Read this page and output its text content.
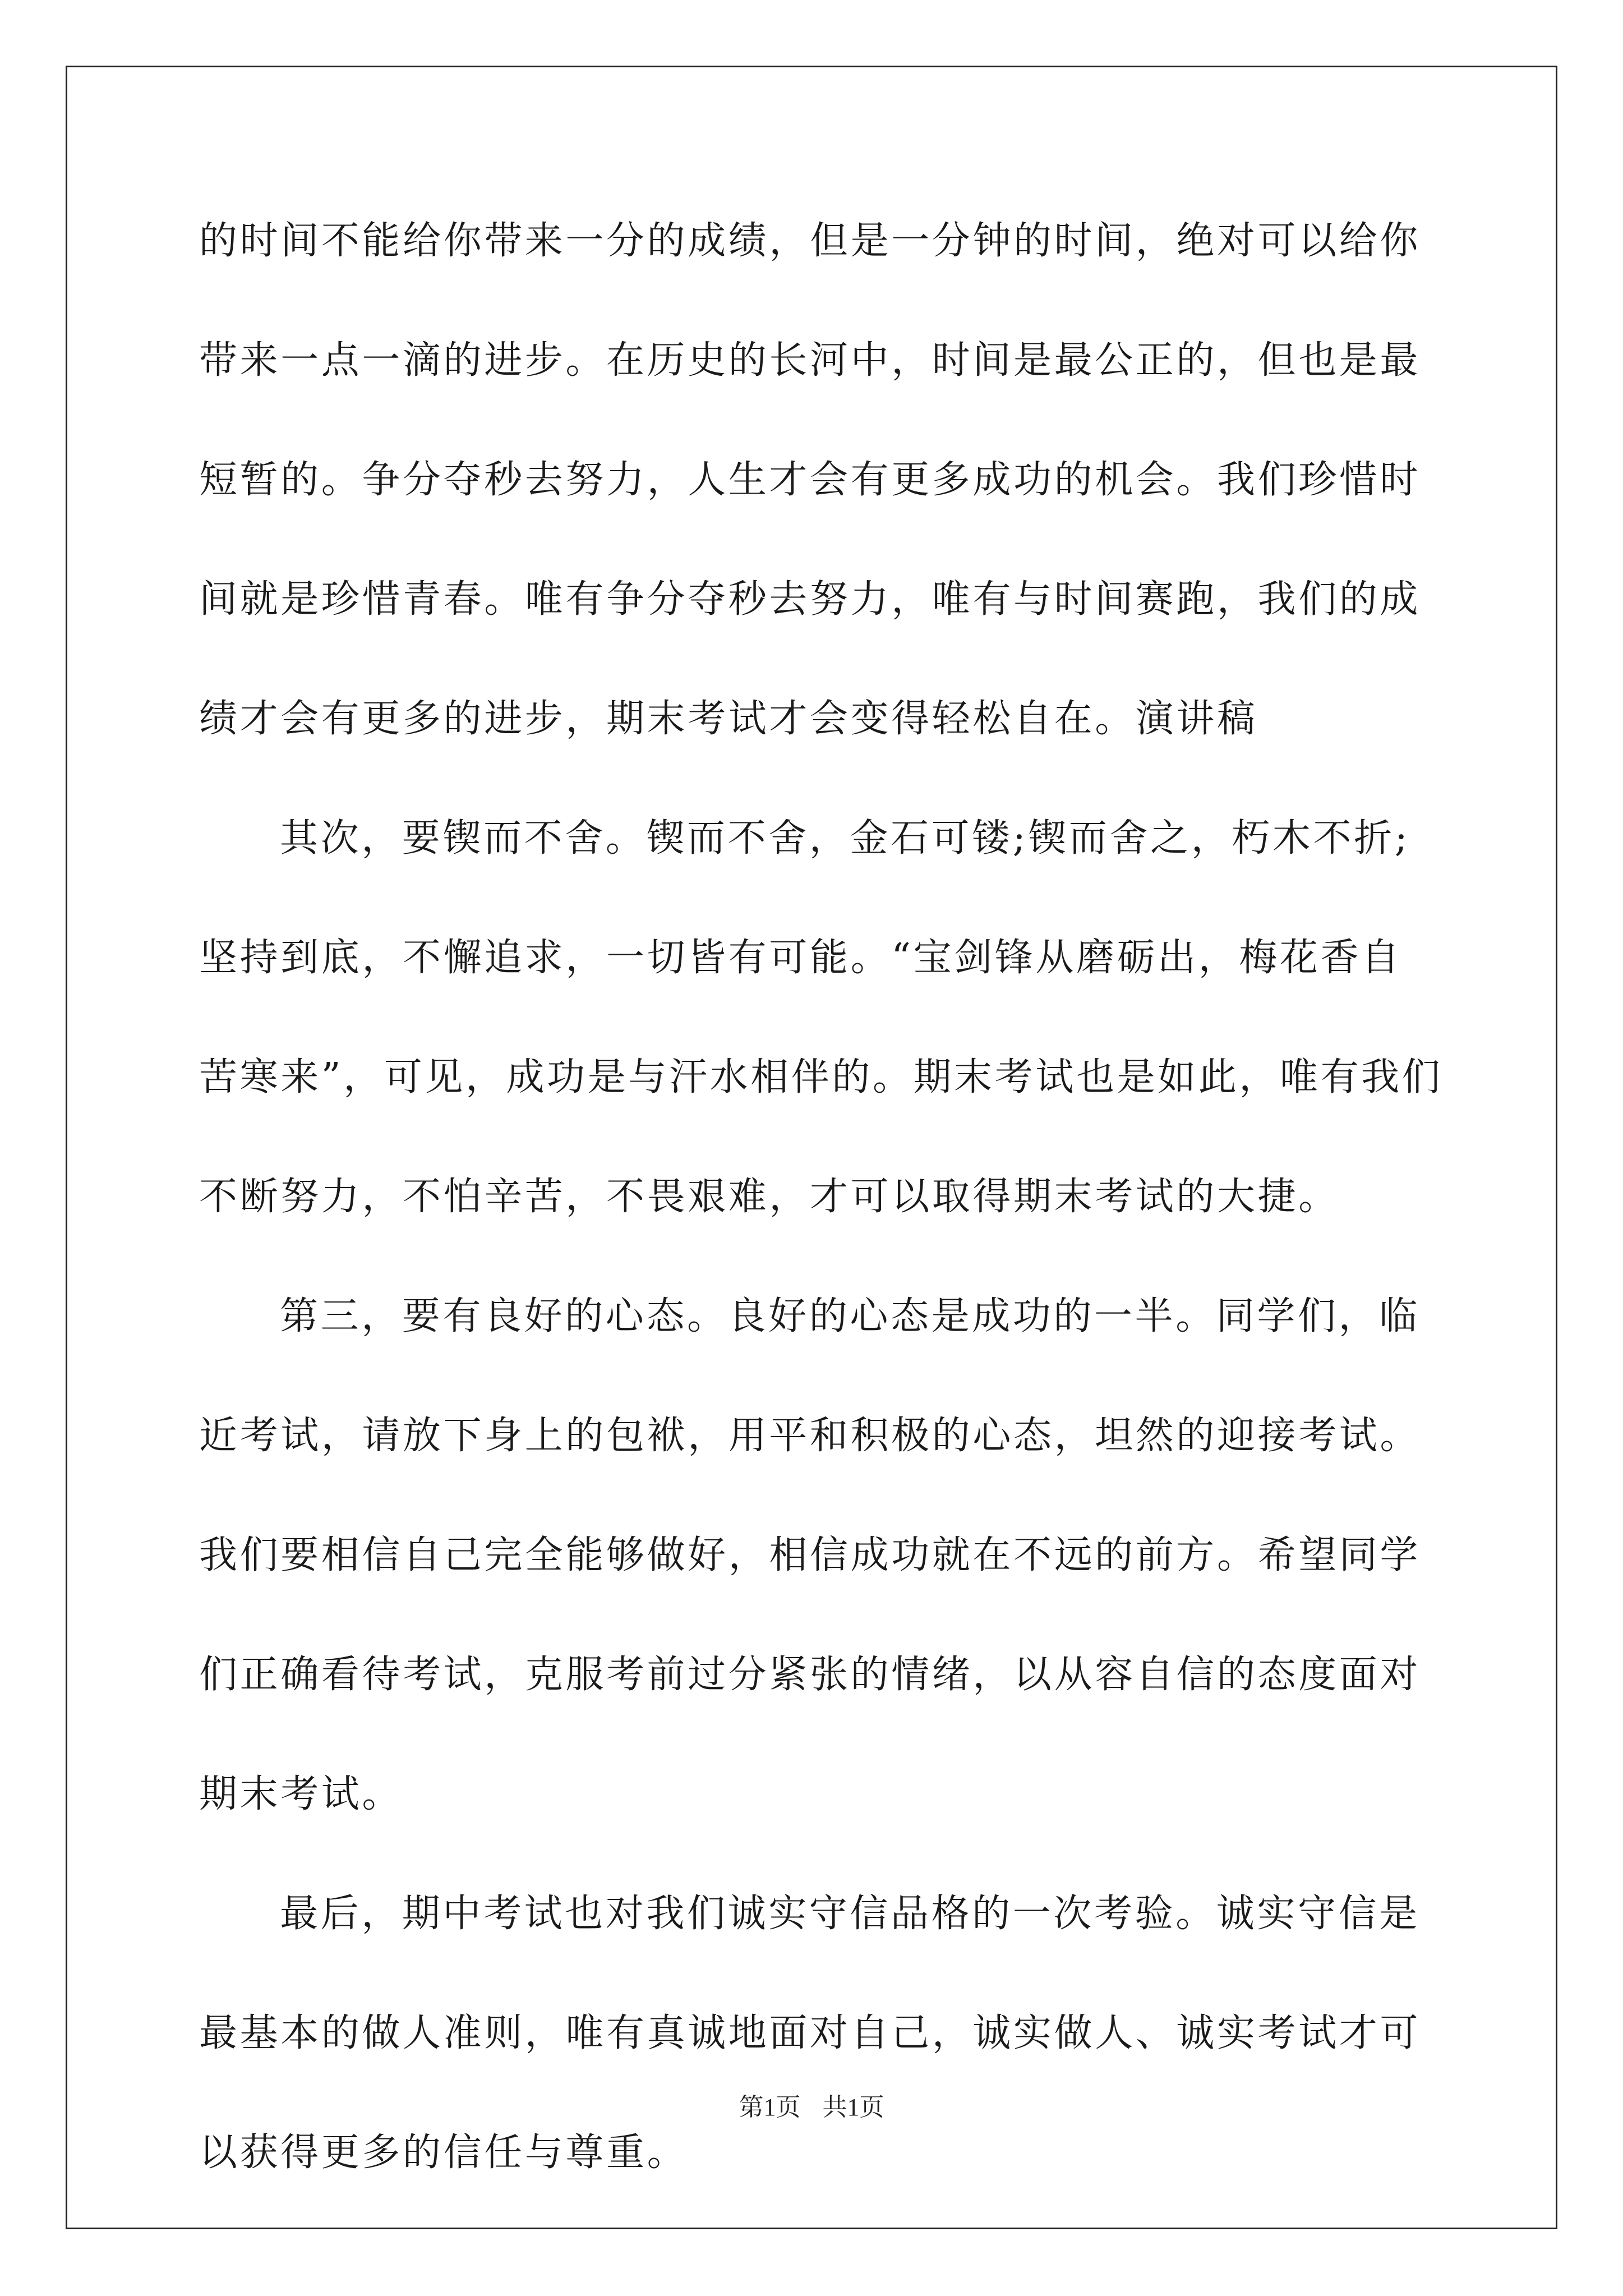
的时间不能给你带来一分的成绩，但是一分钟的时间，绝对可以给你
带来一点一滴的进步。在历史的长河中，时间是最公正的，但也是最
短暂的。争分夺秒去努力，人生才会有更多成功的机会。我们珍惜时
间就是珍惜青春。唯有争分夺秒去努力，唯有与时间赛跑，我们的成
绩才会有更多的进步，期末考试才会变得轻松自在。演讲稿
其次，要锲而不舍。锲而不舍，金石可镂;锲而舍之，朽木不折;
坚持到底，不懈追求，一切皆有可能。“宝剑锋从磨砺出，梅花香自
苦寒来”，可见，成功是与汗水相伴的。期末考试也是如此，唯有我们
不断努力，不怕辛苦，不畏艰难，才可以取得期末考试的大捷。
第三，要有良好的心态。良好的心态是成功的一半。同学们，临
近考试，请放下身上的包袱，用平和积极的心态，坦然的迎接考试。
我们要相信自己完全能够做好，相信成功就在不远的前方。希望同学
们正确看待考试，克服考前过分紧张的情绪，以从容自信的态度面对
期末考试。
最后，期中考试也对我们诚实守信品格的一次考验。诚实守信是
最基本的做人准则，唯有真诚地面对自己，诚实做人、诚实考试才可
以获得更多的信任与尊重。
第1页 共1页
